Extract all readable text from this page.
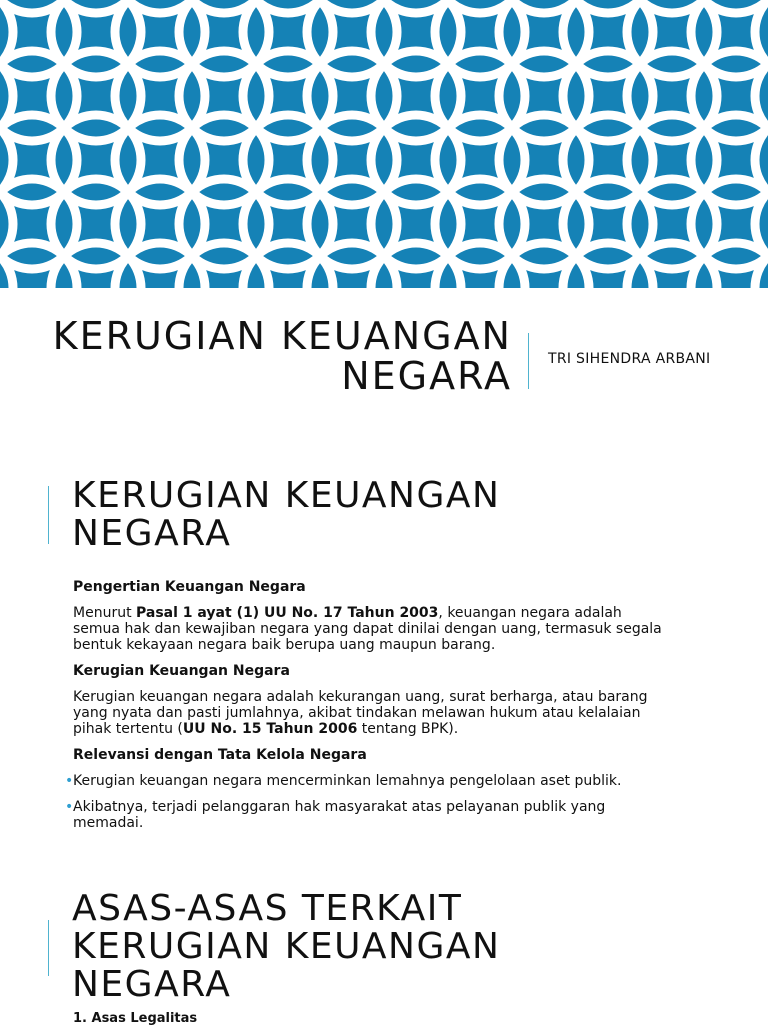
KERUGIAN KEUANGAN
NEGARA	TRI SIHENDRA ARBANI
KERUGIAN KEUANGAN
NEGARA

Pengertian Keuangan Negara

Menurut Pasal 1 ayat (1) UU No. 17 Tahun 2003, keuangan negara adalah semua hak dan kewajiban negara yang dapat dinilai dengan uang, termasuk segala bentuk kekayaan negara baik berupa uang maupun barang.

Kerugian Keuangan Negara

Kerugian keuangan negara adalah kekurangan uang, surat berharga, atau barang yang nyata dan pasti jumlahnya, akibat tindakan melawan hukum atau kelalaian pihak tertentu (UU No. 15 Tahun 2006 tentang BPK).

Relevansi dengan Tata Kelola Negara

• Kerugian keuangan negara mencerminkan lemahnya pengelolaan aset publik.

• Akibatnya, terjadi pelanggaran hak masyarakat atas pelayanan publik yang memadai.

ASAS-ASAS TERKAIT
KERUGIAN KEUANGAN
NEGARA

1. Asas Legalitas
